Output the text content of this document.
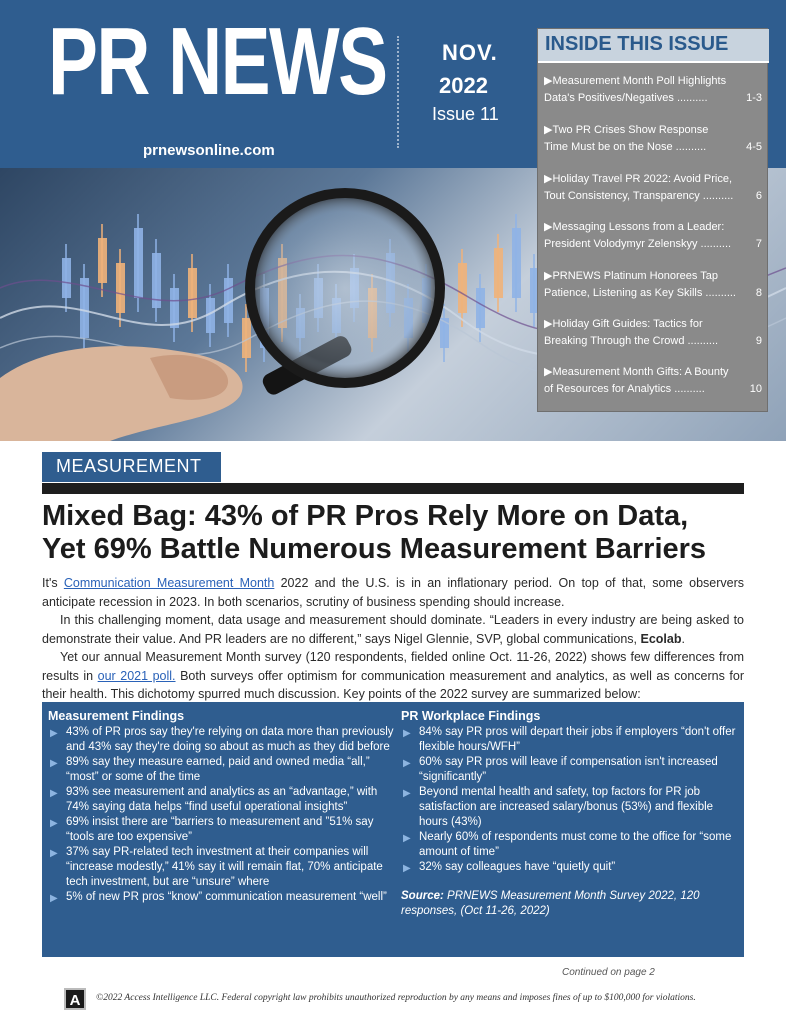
PR NEWS
prnewsonline.com
NOV.
2022
Issue 11
INSIDE THIS ISSUE
▶Measurement Month Poll Highlights
1-3
Data's Positives/Negatives ..........
▶Two PR Crises Show Response
4-5
Time Must be on the Nose ..........
▶Holiday Travel PR 2022: Avoid Price,
6
Tout Consistency, Transparency ..........
▶Messaging Lessons from a Leader:
7
President Volodymyr Zelenskyy ..........
▶PRNEWS Platinum Honorees Tap
8
Patience, Listening as Key Skills ..........
▶Holiday Gift Guides: Tactics for
9
Breaking Through the Crowd ..........
▶Measurement Month Gifts: A Bounty
10
of Resources for Analytics ..........
MEASUREMENT
Mixed Bag: 43% of PR Pros Rely More on Data,
Yet 69% Battle Numerous Measurement Barriers

It's Communication Measurement Month 2022 and the U.S. is in an inflationary period. On top of that, some observers anticipate recession in 2023. In both scenarios, scrutiny of business spending should increase.

In this challenging moment, data usage and measurement should dominate. “Leaders in every industry are being asked to demonstrate their value. And PR leaders are no different,” says Nigel Glennie, SVP, global communications, Ecolab.

Yet our annual Measurement Month survey (120 respondents, fielded online Oct. 11-26, 2022) shows few differences from results in our 2021 poll. Both surveys offer optimism for communication measurement and analytics, as well as concerns for their health. This dichotomy spurred much discussion. Key points of the 2022 survey are summarized below:

Measurement Findings
▶ 43% of PR pros say they're relying on data more than previously and 43% say they're doing so about as much as they did before
▶ 89% say they measure earned, paid and owned media “all,” “most” or some of the time
▶ 93% see measurement and analytics as an “advantage,” with 74% saying data helps “find useful operational insights”
▶ 69% insist there are “barriers to measurement and ”51% say “tools are too expensive”
▶ 37% say PR-related tech investment at their companies will “increase modestly,” 41% say it will remain flat, 70% anticipate tech investment, but are “unsure” where
▶ 5% of new PR pros “know” communication measurement “well”
PR Workplace Findings
▶ 84% say PR pros will depart their jobs if employers “don't offer flexible hours/WFH”
▶ 60% say PR pros will leave if compensation isn't increased “significantly”
▶ Beyond mental health and safety, top factors for PR job satisfaction are increased salary/bonus (53%) and flexible hours (43%)
▶ Nearly 60% of respondents must come to the office for “some amount of time”
▶ 32% say colleagues have “quietly quit”
Source: PRNEWS Measurement Month Survey 2022, 120 responses, (Oct 11-26, 2022)
Continued on page 2
A	©2022 Access Intelligence LLC. Federal copyright law prohibits unauthorized reproduction by any means and imposes fines of up to $100,000 for violations.
